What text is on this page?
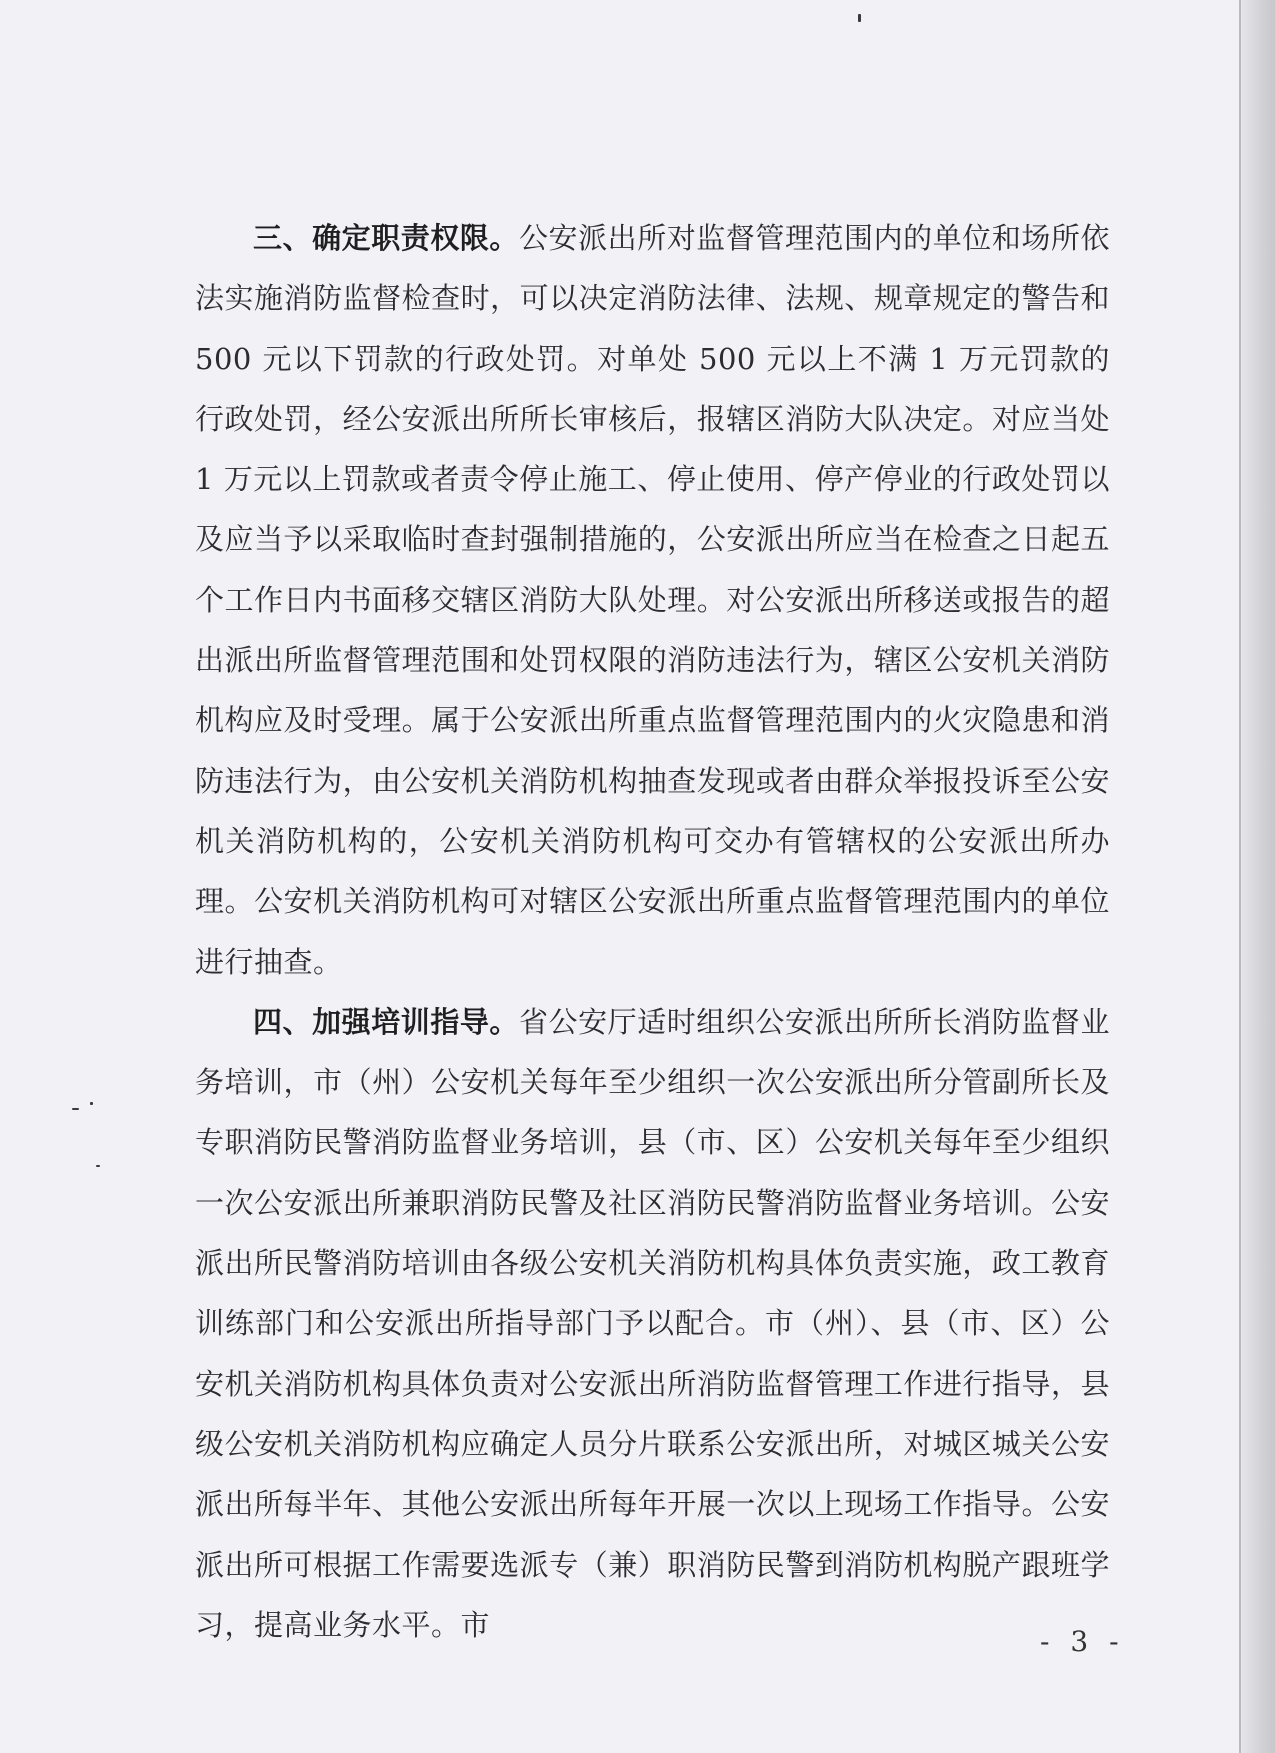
三、确定职责权限。公安派出所对监督管理范围内的单位和场所依法实施消防监督检查时，可以决定消防法律、法规、规章规定的警告和 500 元以下罚款的行政处罚。对单处 500 元以上不满 1 万元罚款的行政处罚，经公安派出所所长审核后，报辖区消防大队决定。对应当处 1 万元以上罚款或者责令停止施工、停止使用、停产停业的行政处罚以及应当予以采取临时查封强制措施的，公安派出所应当在检查之日起五个工作日内书面移交辖区消防大队处理。对公安派出所移送或报告的超出派出所监督管理范围和处罚权限的消防违法行为，辖区公安机关消防机构应及时受理。属于公安派出所重点监督管理范围内的火灾隐患和消防违法行为，由公安机关消防机构抽查发现或者由群众举报投诉至公安机关消防机构的，公安机关消防机构可交办有管辖权的公安派出所办理。公安机关消防机构可对辖区公安派出所重点监督管理范围内的单位进行抽查。

四、加强培训指导。省公安厅适时组织公安派出所所长消防监督业务培训，市（州）公安机关每年至少组织一次公安派出所分管副所长及专职消防民警消防监督业务培训，县（市、区）公安机关每年至少组织一次公安派出所兼职消防民警及社区消防民警消防监督业务培训。公安派出所民警消防培训由各级公安机关消防机构具体负责实施，政工教育训练部门和公安派出所指导部门予以配合。市（州）、县（市、区）公安机关消防机构具体负责对公安派出所消防监督管理工作进行指导，县级公安机关消防机构应确定人员分片联系公安派出所，对城区城关公安派出所每半年、其他公安派出所每年开展一次以上现场工作指导。公安派出所可根据工作需要选派专（兼）职消防民警到消防机构脱产跟班学习，提高业务水平。市	- 3 -
